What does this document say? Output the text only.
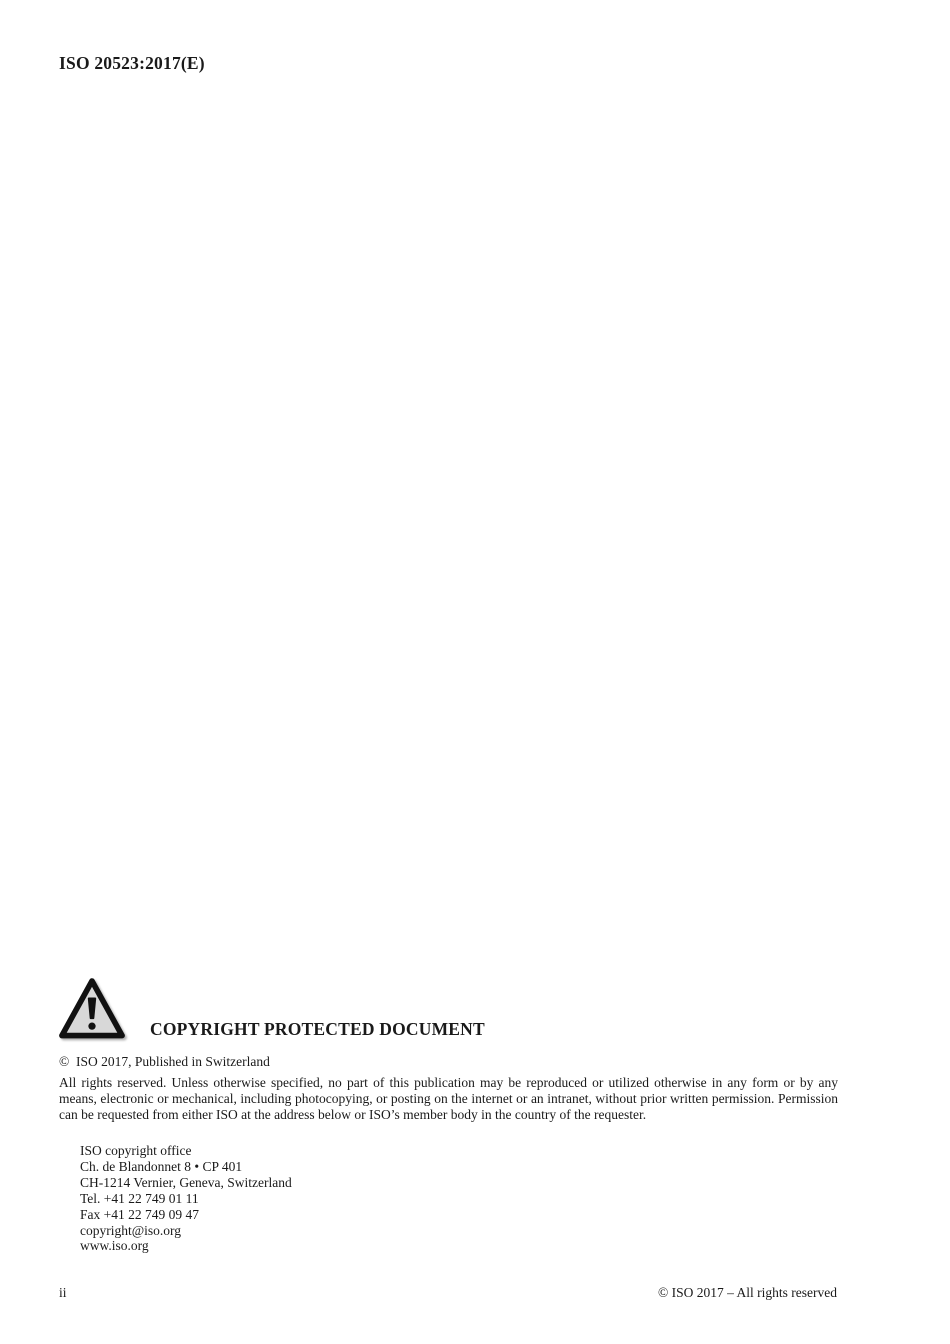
ISO 20523:2017(E)
COPYRIGHT PROTECTED DOCUMENT
©  ISO 2017, Published in Switzerland
All rights reserved. Unless otherwise specified, no part of this publication may be reproduced or utilized otherwise in any form or by any means, electronic or mechanical, including photocopying, or posting on the internet or an intranet, without prior written permission. Permission can be requested from either ISO at the address below or ISO’s member body in the country of the requester.
ISO copyright office
Ch. de Blandonnet 8 • CP 401
CH-1214 Vernier, Geneva, Switzerland
Tel. +41 22 749 01 11
Fax +41 22 749 09 47
copyright@iso.org
www.iso.org
ii	© ISO 2017 – All rights reserved
